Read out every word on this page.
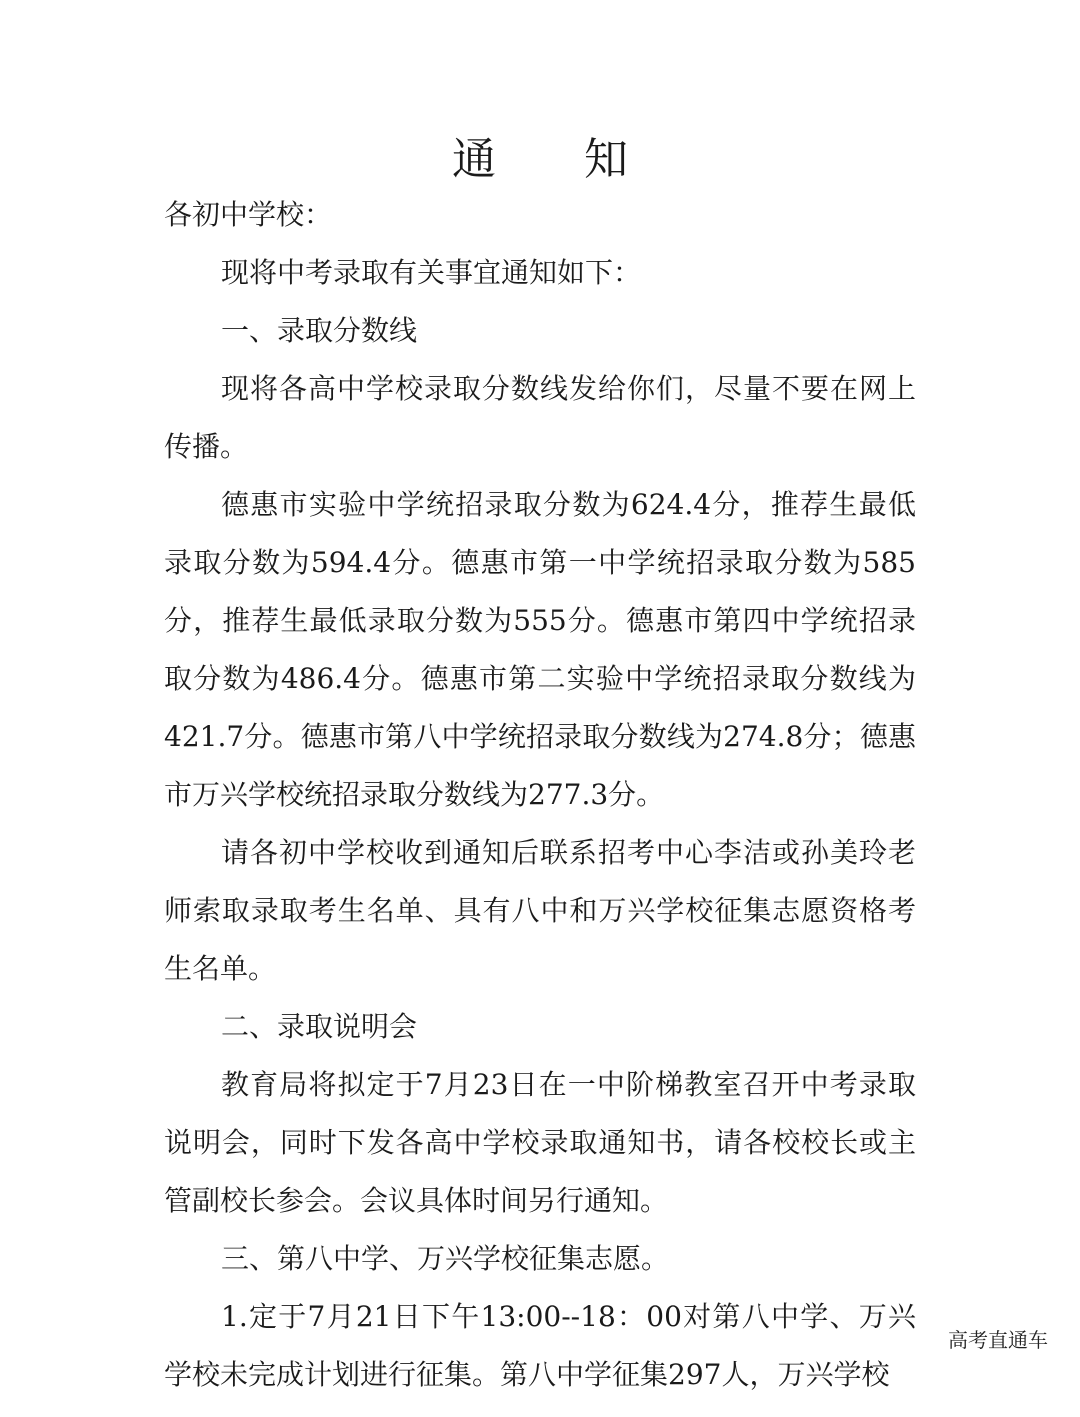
通知

各初中学校：

现将中考录取有关事宜通知如下：

一、录取分数线

现将各高中学校录取分数线发给你们，尽量不要在网上传播。

德惠市实验中学统招录取分数为624.4分，推荐生最低录取分数为594.4分。德惠市第一中学统招录取分数为585分，推荐生最低录取分数为555分。德惠市第四中学统招录取分数为486.4分。德惠市第二实验中学统招录取分数线为421.7分。德惠市第八中学统招录取分数线为274.8分；德惠市万兴学校统招录取分数线为277.3分。

请各初中学校收到通知后联系招考中心李洁或孙美玲老师索取录取考生名单、具有八中和万兴学校征集志愿资格考生名单。

二、录取说明会

教育局将拟定于7月23日在一中阶梯教室召开中考录取说明会，同时下发各高中学校录取通知书，请各校校长或主管副校长参会。会议具体时间另行通知。

三、第八中学、万兴学校征集志愿。

1.定于7月21日下午13:00--18：00对第八中学、万兴学校未完成计划进行征集。第八中学征集297人，万兴学校

高考直通车
